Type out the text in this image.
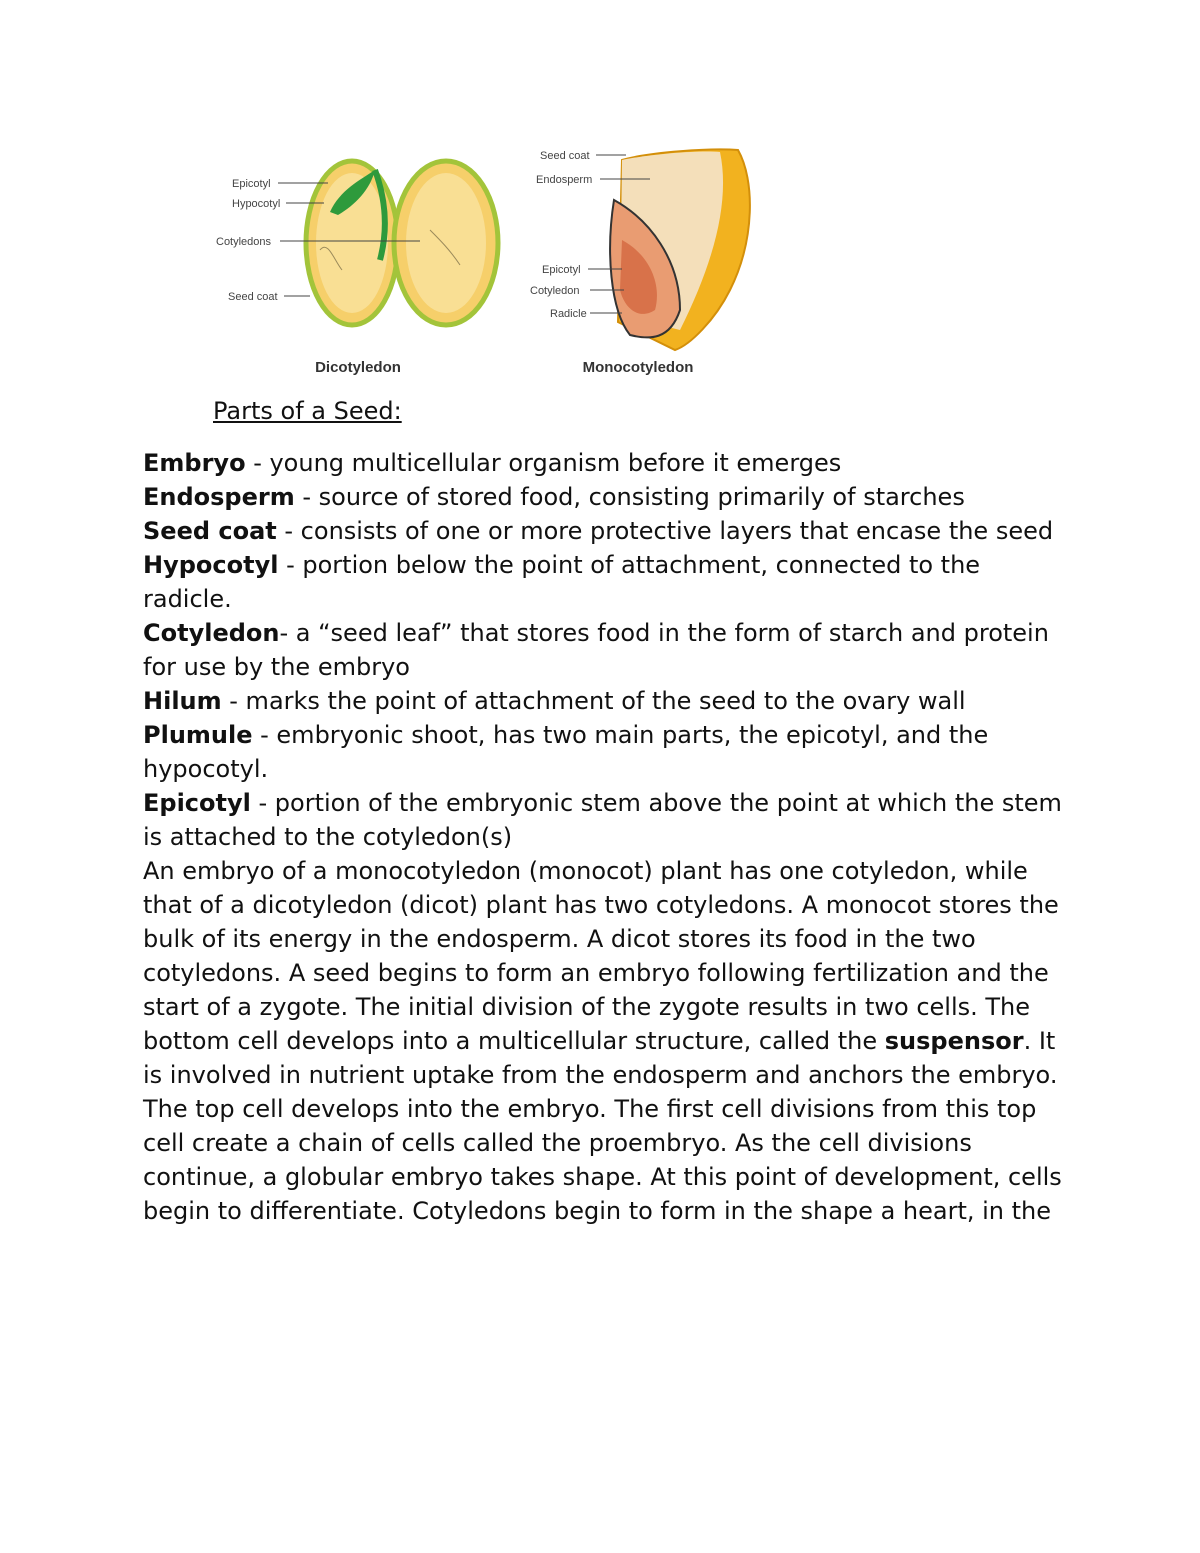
Epicotyl
Hypocotyl
Cotyledons
Seed coat
Dicotyledon
Seed coat
Endosperm
Epicotyl
Cotyledon
Radicle
Monocotyledon
Parts of a Seed:

Embryo - young multicellular organism before it emerges

Endosperm - source of stored food, consisting primarily of starches

Seed coat - consists of one or more protective layers that encase the seed

Hypocotyl - portion below the point of attachment, connected to the radicle.

Cotyledon- a “seed leaf” that stores food in the form of starch and protein for use by the embryo

Hilum - marks the point of attachment of the seed to the ovary wall

Plumule - embryonic shoot, has two main parts, the epicotyl, and the hypocotyl.

Epicotyl - portion of the embryonic stem above the point at which the stem is attached to the cotyledon(s)

An embryo of a monocotyledon (monocot) plant has one cotyledon, while that of a dicotyledon (dicot) plant has two cotyledons. A monocot stores the bulk of its energy in the endosperm. A dicot stores its food in the two cotyledons. A seed begins to form an embryo following fertilization and the start of a zygote. The initial division of the zygote results in two cells. The bottom cell develops into a multicellular structure, called the suspensor. It is involved in nutrient uptake from the endosperm and anchors the embryo. The top cell develops into the embryo. The first cell divisions from this top cell create a chain of cells called the proembryo. As the cell divisions continue, a globular embryo takes shape. At this point of development, cells begin to differentiate. Cotyledons begin to form in the shape a heart, in the
